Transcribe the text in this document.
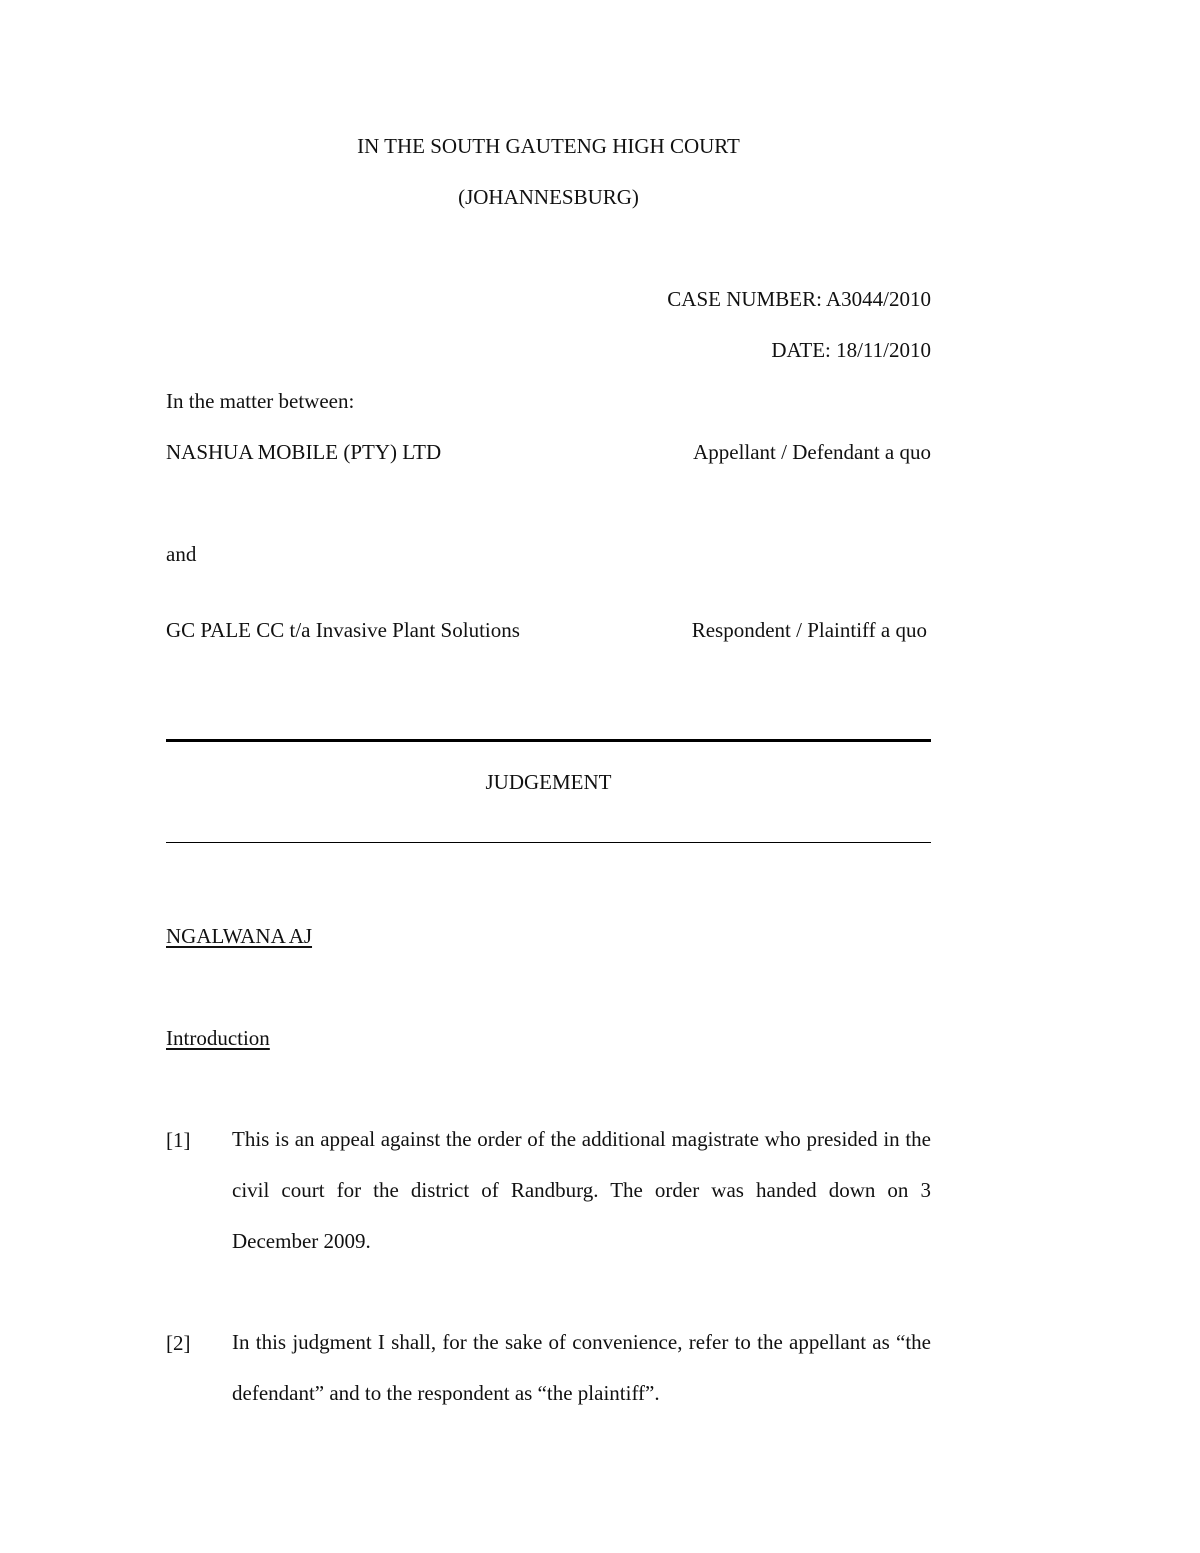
IN THE SOUTH GAUTENG HIGH COURT
(JOHANNESBURG)
CASE NUMBER: A3044/2010
DATE: 18/11/2010
In the matter between:
NASHUA MOBILE (PTY) LTD	Appellant / Defendant a quo
and
GC PALE CC t/a Invasive Plant Solutions	Respondent / Plaintiff a quo
JUDGEMENT
NGALWANA AJ
Introduction
[1] This is an appeal against the order of the additional magistrate who presided in the civil court for the district of Randburg. The order was handed down on 3 December 2009.
[2] In this judgment I shall, for the sake of convenience, refer to the appellant as “the defendant” and to the respondent as “the plaintiff”.
